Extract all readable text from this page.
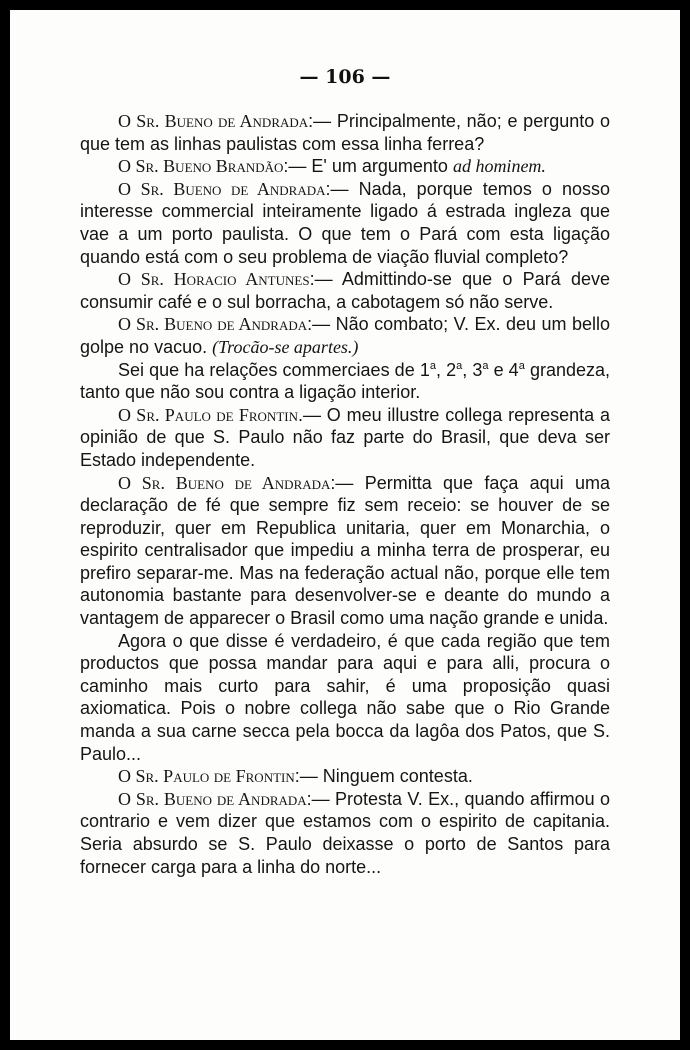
— 106 —

O Sr. Bueno de Andrada:— Principalmente, não; e pergunto o que tem as linhas paulistas com essa linha ferrea?

O Sr. Bueno Brandão:— E' um argumento ad hominem.

O Sr. Bueno de Andrada:— Nada, porque temos o nosso interesse commercial inteiramente ligado á estrada ingleza que vae a um porto paulista. O que tem o Pará com esta ligação quando está com o seu problema de viação fluvial completo?

O Sr. Horacio Antunes:— Admittindo-se que o Pará deve consumir café e o sul borracha, a cabotagem só não serve.

O Sr. Bueno de Andrada:— Não combato; V. Ex. deu um bello golpe no vacuo. (Trocão-se apartes.)

Sei que ha relações commerciaes de 1$^a$, 2$^a$, 3$^a$ e 4$^a$ grandeza, tanto que não sou contra a ligação interior.

O Sr. Paulo de Frontin.— O meu illustre collega representa a opinião de que S. Paulo não faz parte do Brasil, que deva ser Estado independente.

O Sr. Bueno de Andrada:— Permitta que faça aqui uma declaração de fé que sempre fiz sem receio: se houver de se reproduzir, quer em Republica unitaria, quer em Monarchia, o espirito centralisador que impediu a minha terra de prosperar, eu prefiro separar-me. Mas na federação actual não, porque elle tem autonomia bastante para desenvolver-se e deante do mundo a vantagem de apparecer o Brasil como uma nação grande e unida.

Agora o que disse é verdadeiro, é que cada região que tem productos que possa mandar para aqui e para alli, procura o caminho mais curto para sahir, é uma proposição quasi axiomatica. Pois o nobre collega não sabe que o Rio Grande manda a sua carne secca pela bocca da lagôa dos Patos, que S. Paulo...

O Sr. Paulo de Frontin:— Ninguem contesta.

O Sr. Bueno de Andrada:— Protesta V. Ex., quando affirmou o contrario e vem dizer que estamos com o espirito de capitania. Seria absurdo se S. Paulo deixasse o porto de Santos para fornecer carga para a linha do norte...
